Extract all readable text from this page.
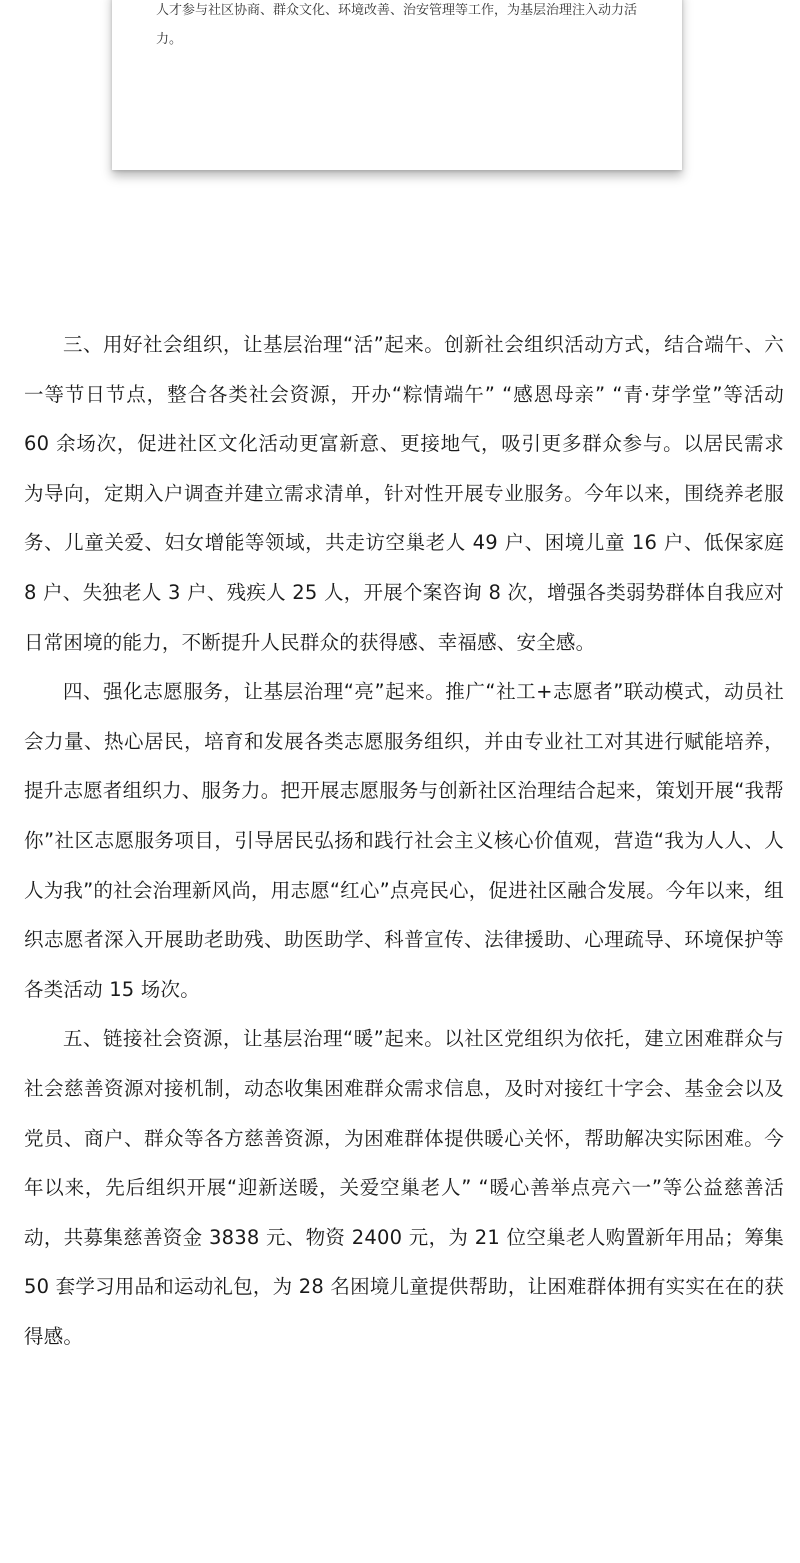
人才参与社区协商、群众文化、环境改善、治安管理等工作，为基层治理注入动力活力。

三、用好社会组织，让基层治理“活”起来。创新社会组织活动方式，结合端午、六一等节日节点，整合各类社会资源，开办“粽情端午” “感恩母亲” “青·芽学堂”等活动 60 余场次，促进社区文化活动更富新意、更接地气，吸引更多群众参与。以居民需求为导向，定期入户调查并建立需求清单，针对性开展专业服务。今年以来，围绕养老服务、儿童关爱、妇女增能等领域，共走访空巢老人 49 户、困境儿童 16 户、低保家庭 8 户、失独老人 3 户、残疾人 25 人，开展个案咨询 8 次，增强各类弱势群体自我应对日常困境的能力，不断提升人民群众的获得感、幸福感、安全感。

四、强化志愿服务，让基层治理“亮”起来。推广“社工+志愿者”联动模式，动员社会力量、热心居民，培育和发展各类志愿服务组织，并由专业社工对其进行赋能培养，提升志愿者组织力、服务力。把开展志愿服务与创新社区治理结合起来，策划开展“我帮你”社区志愿服务项目，引导居民弘扬和践行社会主义核心价值观，营造“我为人人、人人为我”的社会治理新风尚，用志愿“红心”点亮民心，促进社区融合发展。今年以来，组织志愿者深入开展助老助残、助医助学、科普宣传、法律援助、心理疏导、环境保护等各类活动 15 场次。

五、链接社会资源，让基层治理“暖”起来。以社区党组织为依托，建立困难群众与社会慈善资源对接机制，动态收集困难群众需求信息，及时对接红十字会、基金会以及党员、商户、群众等各方慈善资源，为困难群体提供暖心关怀，帮助解决实际困难。今年以来，先后组织开展“迎新送暖，关爱空巢老人” “暖心善举点亮六一”等公益慈善活动，共募集慈善资金 3838 元、物资 2400 元，为 21 位空巢老人购置新年用品；筹集 50 套学习用品和运动礼包，为 28 名困境儿童提供帮助，让困难群体拥有实实在在的获得感。
